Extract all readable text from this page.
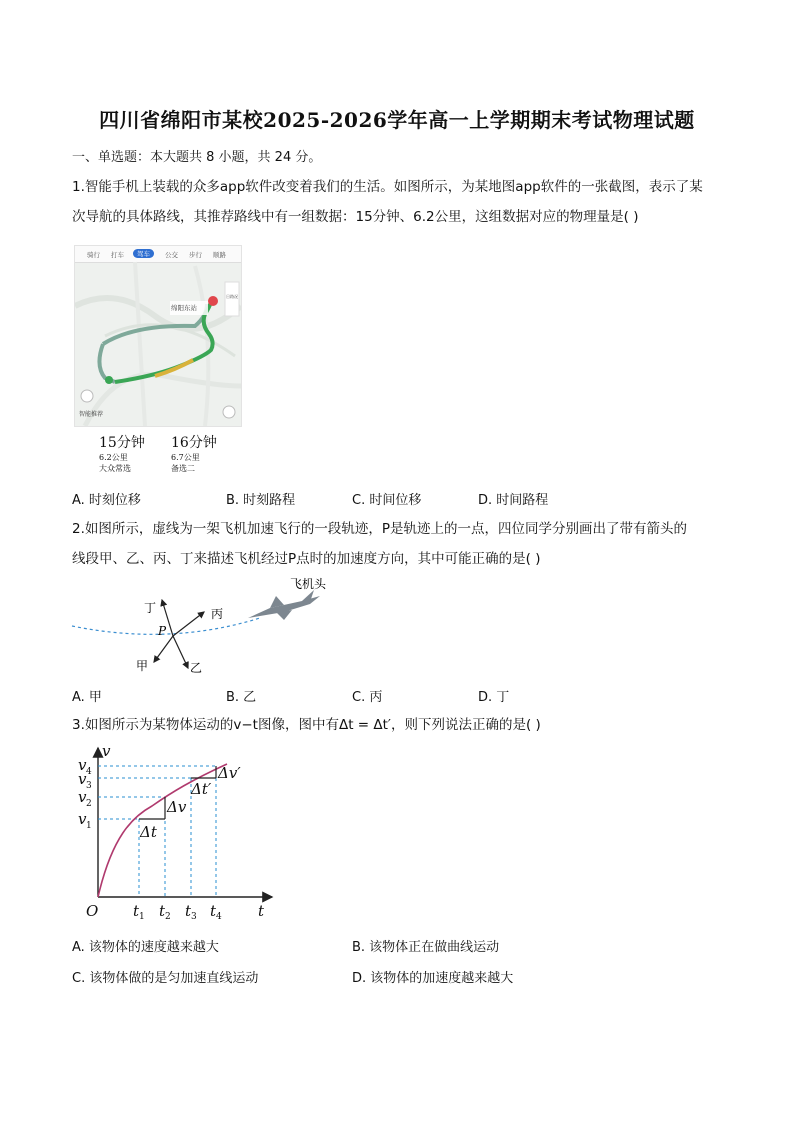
四川省绵阳市某校2025-2026学年高一上学期期末考试物理试题
一、单选题：本大题共 8 小题，共 24 分。
1.智能手机上装载的众多app软件改变着我们的生活。如图所示，为某地图app软件的一张截图，表示了某
次导航的具体路线，其推荐路线中有一组数据：15分钟、6.2公里，这组数据对应的物理量是( )
骑行 打车	驾车	公交 步行 顺路
绵阳东站
日路况
智能推荐
15分钟
6.2公里
大众常选
16分钟
6.7公里
备选二
A. 时刻位移	B. 时刻路程	C. 时间位移	D. 时间路程
2.如图所示，虚线为一架飞机加速飞行的一段轨迹，P是轨迹上的一点，四位同学分别画出了带有箭头的
线段甲、乙、丙、丁来描述飞机经过P点时的加速度方向，其中可能正确的是( )
P
丁	丙
甲	乙
飞机头
A. 甲	B. 乙	C. 丙	D. 丁
3.如图所示为某物体运动的v−t图像，图中有Δt = Δt′，则下列说法正确的是( )
v
t
O
v 1
v 2
v 3
v 4
t 1 t 2 t 3 t 4
Δt
Δv
Δt′
Δv′
A. 该物体的速度越来越大	B. 该物体正在做曲线运动
C. 该物体做的是匀加速直线运动	D. 该物体的加速度越来越大
